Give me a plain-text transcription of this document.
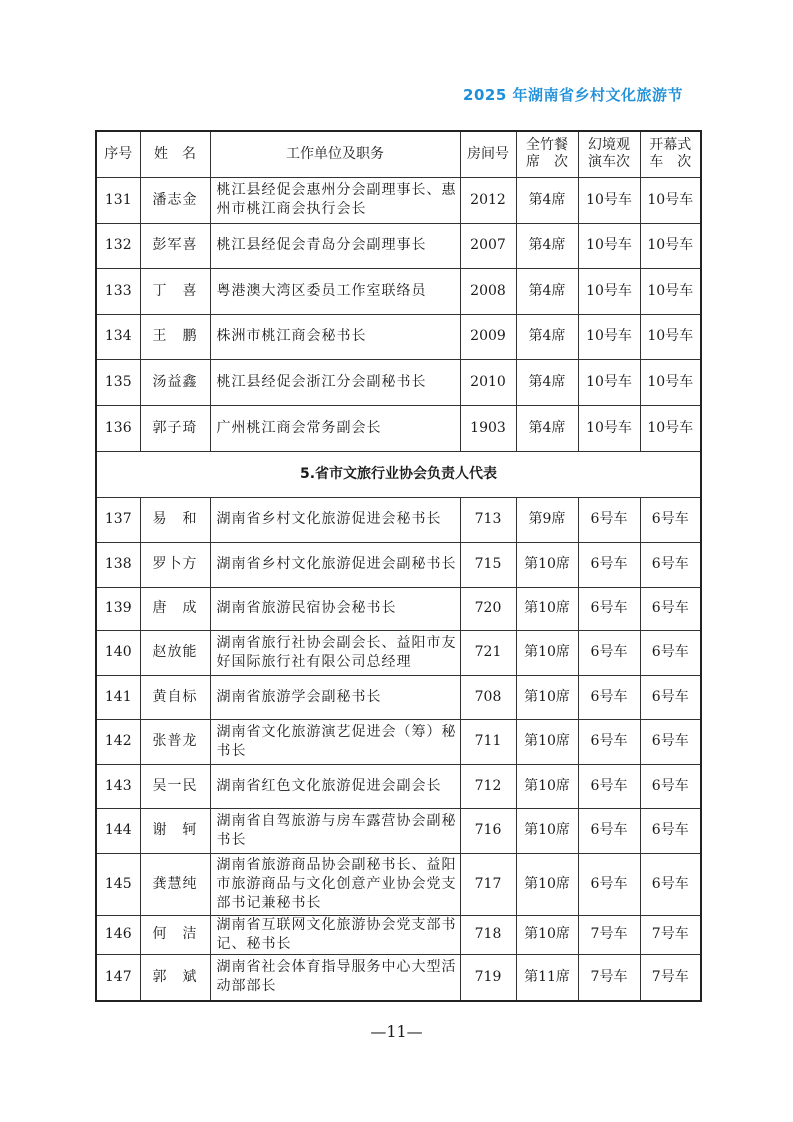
2025 年湖南省乡村文化旅游节
序号	姓　名	工作单位及职务	房间号	全竹餐席　次	幻境观演车次	开幕式车　次
131	潘志金	桃江县经促会惠州分会副理事长、惠州市桃江商会执行会长	2012	第4席	10号车	10号车
132	彭军喜	桃江县经促会青岛分会副理事长	2007	第4席	10号车	10号车
133	丁　喜	粤港澳大湾区委员工作室联络员	2008	第4席	10号车	10号车
134	王　鹏	株洲市桃江商会秘书长	2009	第4席	10号车	10号车
135	汤益鑫	桃江县经促会浙江分会副秘书长	2010	第4席	10号车	10号车
136	郭子琦	广州桃江商会常务副会长	1903	第4席	10号车	10号车
5.省市文旅行业协会负责人代表						
137	易　和	湖南省乡村文化旅游促进会秘书长	713	第9席	6号车	6号车
138	罗卜方	湖南省乡村文化旅游促进会副秘书长	715	第10席	6号车	6号车
139	唐　成	湖南省旅游民宿协会秘书长	720	第10席	6号车	6号车
140	赵放能	湖南省旅行社协会副会长、益阳市友好国际旅行社有限公司总经理	721	第10席	6号车	6号车
141	黄自标	湖南省旅游学会副秘书长	708	第10席	6号车	6号车
142	张普龙	湖南省文化旅游演艺促进会（筹）秘书长	711	第10席	6号车	6号车
143	吴一民	湖南省红色文化旅游促进会副会长	712	第10席	6号车	6号车
144	谢　轲	湖南省自驾旅游与房车露营协会副秘书长	716	第10席	6号车	6号车
145	龚慧纯	湖南省旅游商品协会副秘书长、益阳市旅游商品与文化创意产业协会党支部书记兼秘书长	717	第10席	6号车	6号车
146	何　洁	湖南省互联网文化旅游协会党支部书记、秘书长	718	第10席	7号车	7号车
147	郭　斌	湖南省社会体育指导服务中心大型活动部部长	719	第11席	7号车	7号车
—11—
